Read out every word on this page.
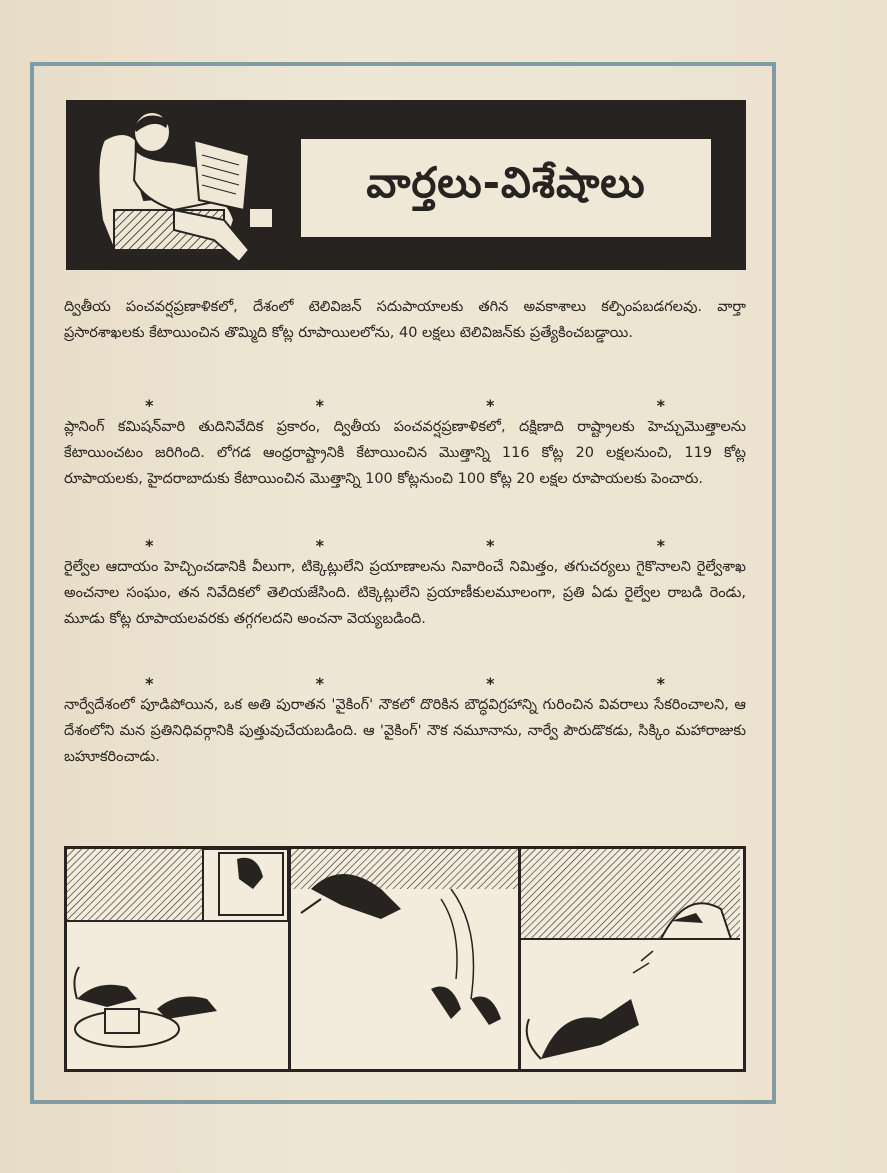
వార్తలు-విశేషాలు

ద్వితీయ పంచవర్షప్రణాళికలో, దేశంలో టెలివిజన్ సదుపాయాలకు తగిన అవకాశాలు కల్పింపబడగలవు. వార్తా ప్రసారశాఖలకు కేటాయించిన తొమ్మిది కోట్ల రూపాయిలలోను, 40 లక్షలు టెలివిజన్‌కు ప్రత్యేకించబడ్డాయి.

*	*	*	*

ప్లానింగ్ కమిషన్‌వారి తుదినివేదిక ప్రకారం, ద్వితీయ పంచవర్షప్రణాళికలో, దక్షిణాది రాష్ట్రాలకు హెచ్చుమొత్తాలను కేటాయించటం జరిగింది. లోగడ ఆంధ్రరాష్ట్రానికి కేటాయించిన మొత్తాన్ని 116 కోట్ల 20 లక్షలనుంచి, 119 కోట్ల రూపాయలకు, హైదరాబాదుకు కేటాయించిన మొత్తాన్ని 100 కోట్లనుంచి 100 కోట్ల 20 లక్షల రూపాయలకు పెంచారు.

*	*	*	*

రైల్వేల ఆదాయం హెచ్చించడానికి వీలుగా, టిక్కెట్లులేని ప్రయాణాలను నివారించే నిమిత్తం, తగుచర్యలు గైకొనాలని రైల్వేశాఖ అంచనాల సంఘం, తన నివేదికలో తెలియజేసింది. టిక్కెట్లులేని ప్రయాణీకులమూలంగా, ప్రతి ఏడు రైల్వేల రాబడి రెండు, మూడు కోట్ల రూపాయలవరకు తగ్గగలదని అంచనా వెయ్యబడింది.

*	*	*	*

నార్వేదేశంలో పూడిపోయిన, ఒక అతి పురాతన 'వైకింగ్' నౌకలో దొరికిన బౌద్ధవిగ్రహాన్ని గురించిన వివరాలు సేకరించాలని, ఆ దేశంలోని మన ప్రతినిధివర్గానికి పుత్తువుచేయబడింది. ఆ 'వైకింగ్' నౌక నమూనాను, నార్వే పౌరుడొకడు, సిక్కిం మహారాజుకు బహూకరించాడు.
